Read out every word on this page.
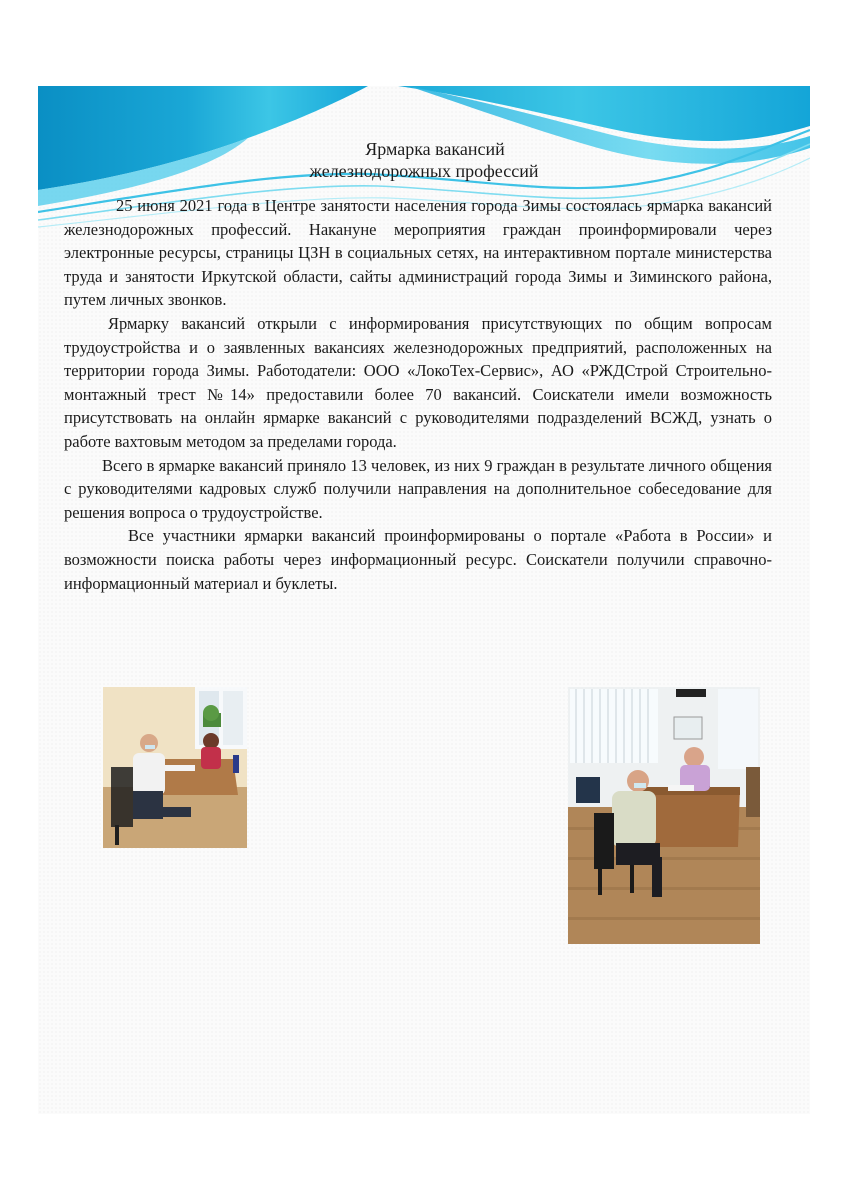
Ярмарка вакансий
железнодорожных профессий

25 июня 2021 года в Центре занятости населения города Зимы состоялась ярмарка вакансий железнодорожных профессий. Накануне мероприятия граждан проинформировали через электронные ресурсы, страницы ЦЗН в социальных сетях, на интерактивном портале министерства труда и занятости Иркутской области, сайты администраций города Зимы и Зиминского района, путем личных звонков.

Ярмарку вакансий открыли с информирования присутствующих по общим вопросам трудоустройства и о заявленных вакансиях железнодорожных предприятий, расположенных на территории города Зимы. Работодатели: ООО «ЛокоТех-Сервис», АО «РЖДСтрой Строительно-монтажный трест №14» предоставили более 70 вакансий. Соискатели имели возможность присутствовать на онлайн ярмарке вакансий с руководителями подразделений ВСЖД, узнать о работе вахтовым методом за пределами города.

Всего в ярмарке вакансий приняло 13 человек, из них 9 граждан в результате личного общения с руководителями кадровых служб получили направления на дополнительное собеседование для решения вопроса о трудоустройстве.

Все участники ярмарки вакансий проинформированы о портале «Работа в России» и возможности поиска работы через информационный ресурс. Соискатели получили справочно-информационный материал и буклеты.
